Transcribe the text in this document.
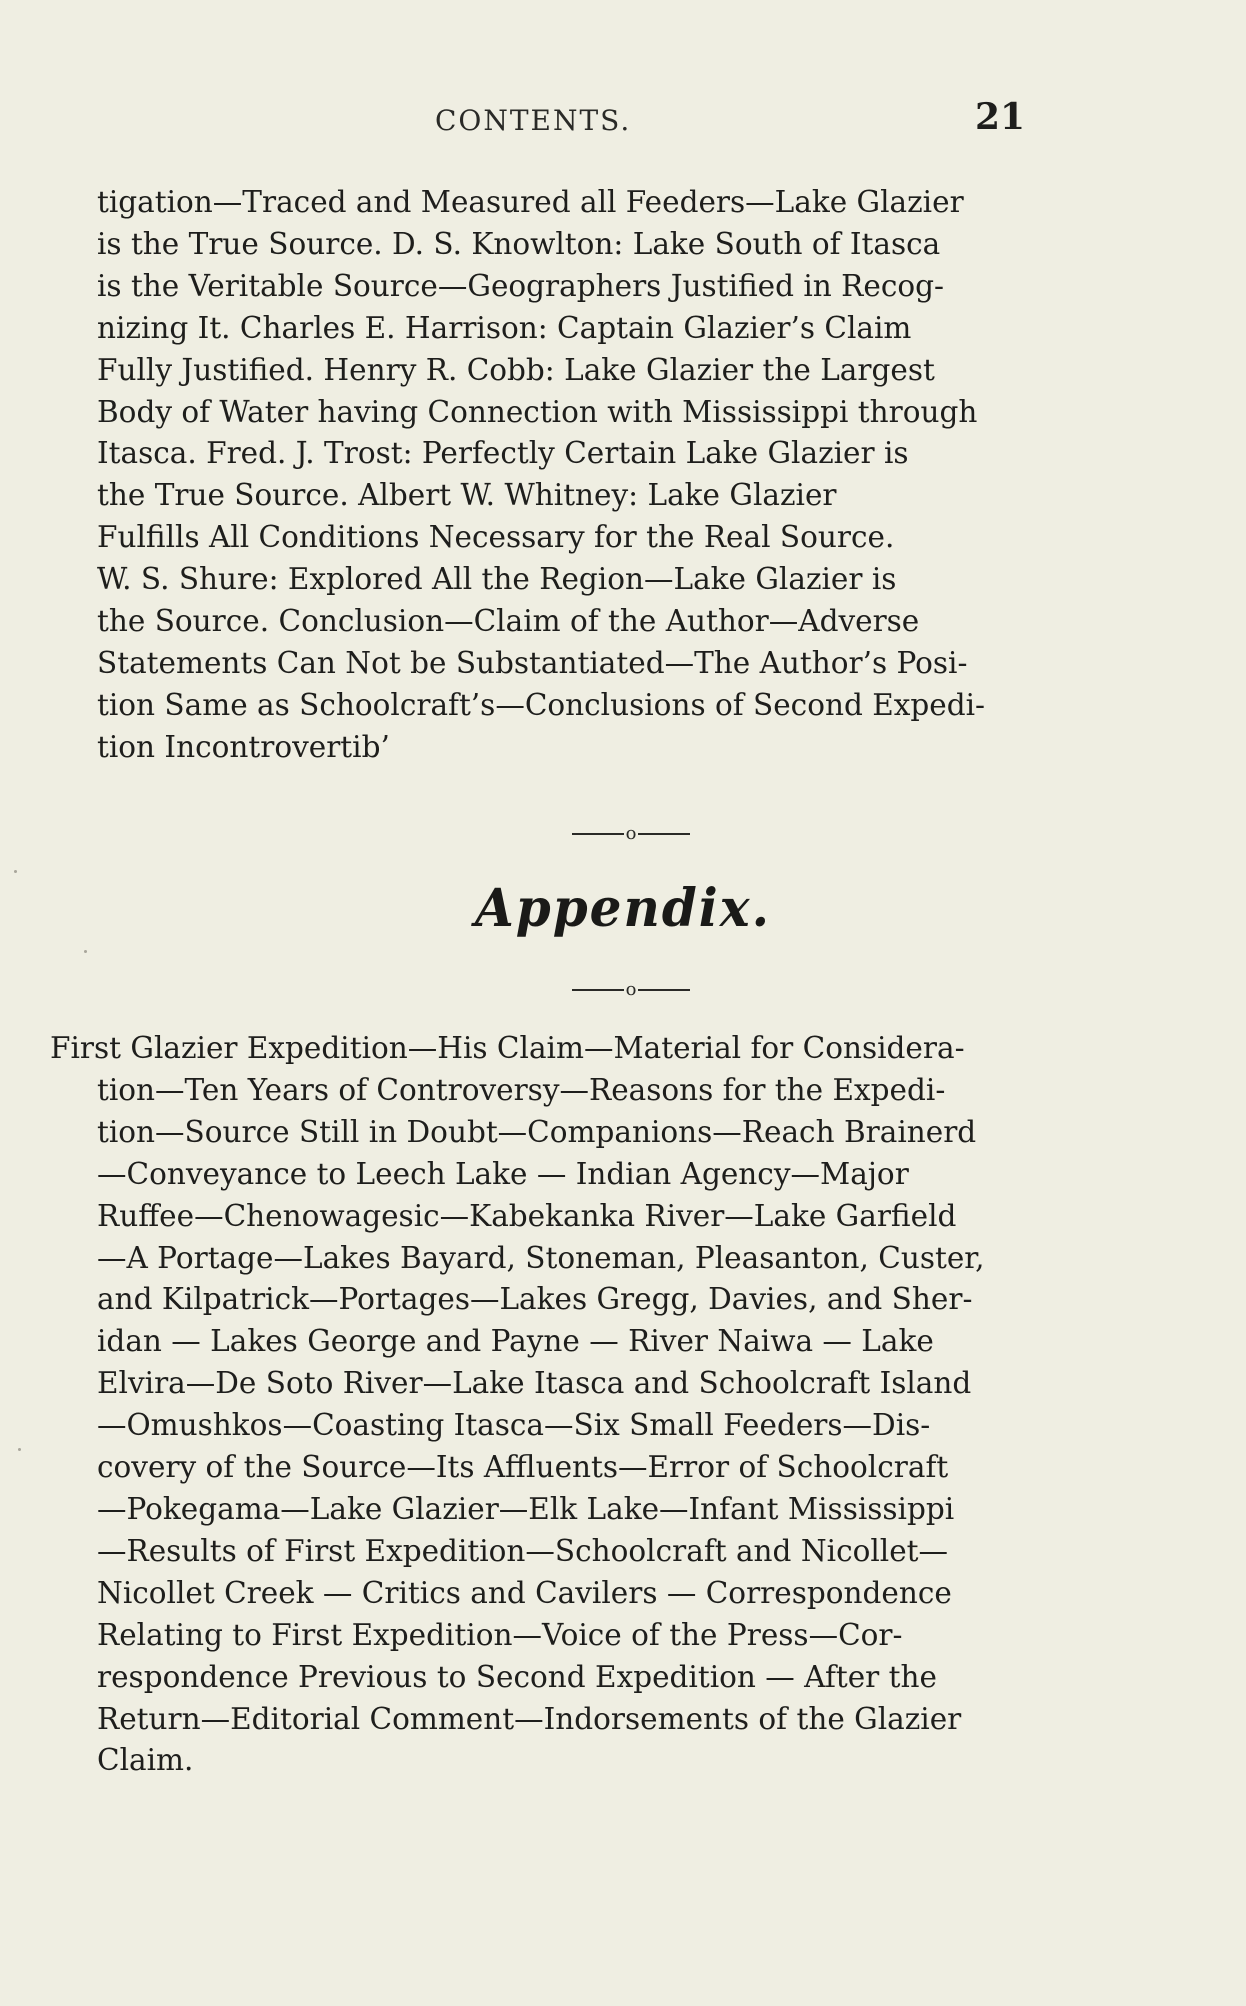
CONTENTS.	21
tigation—Traced and Measured all Feeders—Lake Glazier
is the True Source. D. S. Knowlton: Lake South of Itasca
is the Veritable Source—Geographers Justified in Recog-
nizing It. Charles E. Harrison: Captain Glazier’s Claim
Fully Justified. Henry R. Cobb: Lake Glazier the Largest
Body of Water having Connection with Mississippi through
Itasca. Fred. J. Trost: Perfectly Certain Lake Glazier is
the True Source. Albert W. Whitney: Lake Glazier
Fulfills All Conditions Necessary for the Real Source.
W. S. Shure: Explored All the Region—Lake Glazier is
the Source. Conclusion—Claim of the Author—Adverse
Statements Can Not be Substantiated—The Author’s Posi-
tion Same as Schoolcraft’s—Conclusions of Second Expedi-
tion Incontrovertib’
o
Appendix.
o
First Glazier Expedition—His Claim—Material for Considera-
tion—Ten Years of Controversy—Reasons for the Expedi-
tion—Source Still in Doubt—Companions—Reach Brainerd
—Conveyance to Leech Lake — Indian Agency—Major
Ruffee—Chenowagesic—Kabekanka River—Lake Garfield
—A Portage—Lakes Bayard, Stoneman, Pleasanton, Custer,
and Kilpatrick—Portages—Lakes Gregg, Davies, and Sher-
idan — Lakes George and Payne — River Naiwa — Lake
Elvira—De Soto River—Lake Itasca and Schoolcraft Island
—Omushkos—Coasting Itasca—Six Small Feeders—Dis-
covery of the Source—Its Affluents—Error of Schoolcraft
—Pokegama—Lake Glazier—Elk Lake—Infant Mississippi
—Results of First Expedition—Schoolcraft and Nicollet—
Nicollet Creek — Critics and Cavilers — Correspondence
Relating to First Expedition—Voice of the Press—Cor-
respondence Previous to Second Expedition — After the
Return—Editorial Comment—Indorsements of the Glazier
Claim.
